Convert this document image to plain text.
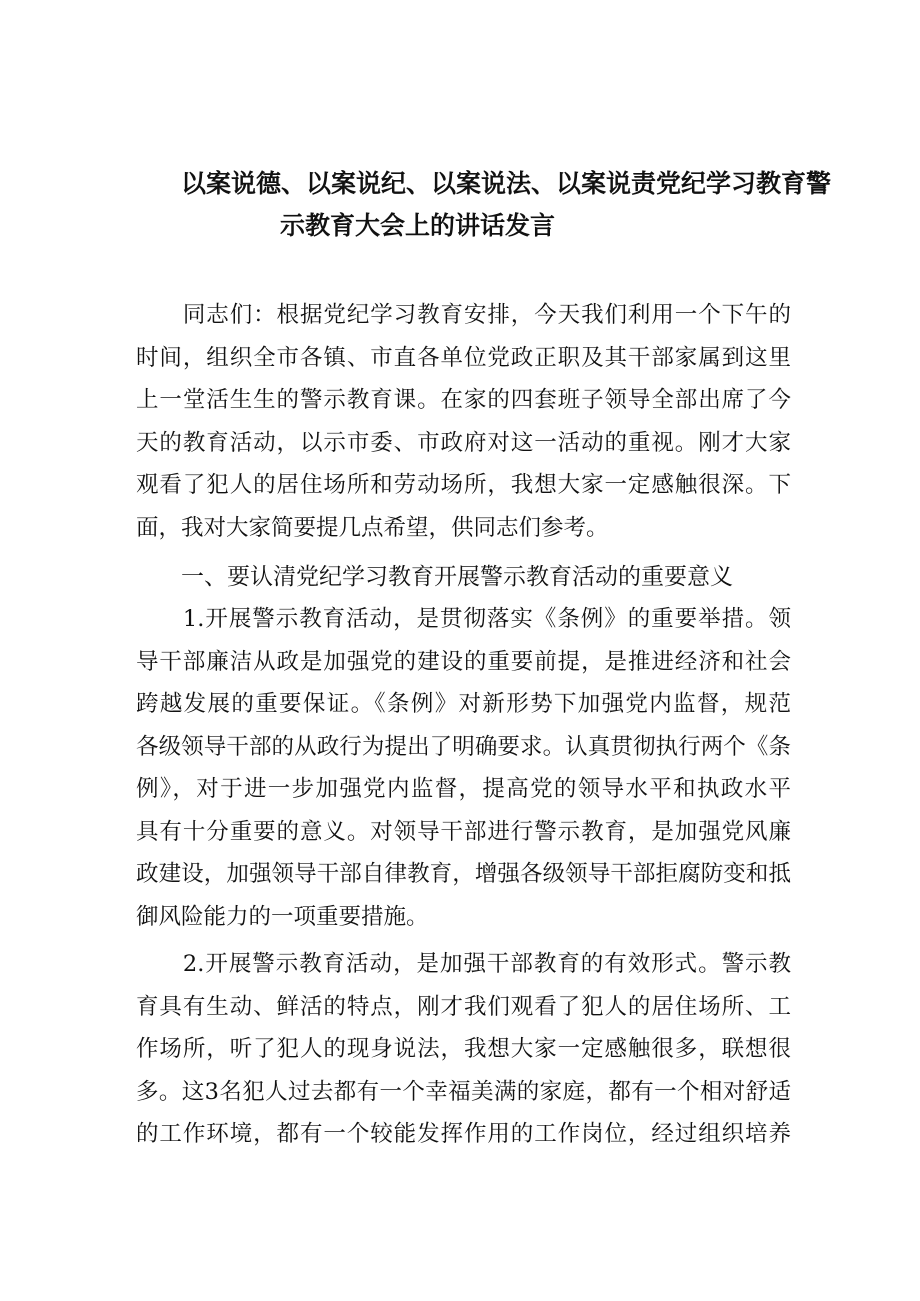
以案说德、以案说纪、以案说法、以案说责党纪学习教育警
示教育大会上的讲话发言
　　同志们：根据党纪学习教育安排，今天我们利用一个下午的
时间，组织全市各镇、市直各单位党政正职及其干部家属到这里
上一堂活生生的警示教育课。在家的四套班子领导全部出席了今
天的教育活动，以示市委、市政府对这一活动的重视。刚才大家
观看了犯人的居住场所和劳动场所，我想大家一定感触很深。下
面，我对大家简要提几点希望，供同志们参考。
一、要认清党纪学习教育开展警示教育活动的重要意义
　　1.开展警示教育活动，是贯彻落实《条例》的重要举措。领
导干部廉洁从政是加强党的建设的重要前提，是推进经济和社会
跨越发展的重要保证。《条例》对新形势下加强党内监督，规范
各级领导干部的从政行为提出了明确要求。认真贯彻执行两个《条
例》，对于进一步加强党内监督，提高党的领导水平和执政水平
具有十分重要的意义。对领导干部进行警示教育，是加强党风廉
政建设，加强领导干部自律教育，增强各级领导干部拒腐防变和抵
御风险能力的一项重要措施。
　　2.开展警示教育活动，是加强干部教育的有效形式。警示教
育具有生动、鲜活的特点，刚才我们观看了犯人的居住场所、工
作场所，听了犯人的现身说法，我想大家一定感触很多，联想很
多。这3名犯人过去都有一个幸福美满的家庭，都有一个相对舒适
的工作环境，都有一个较能发挥作用的工作岗位，经过组织培养
